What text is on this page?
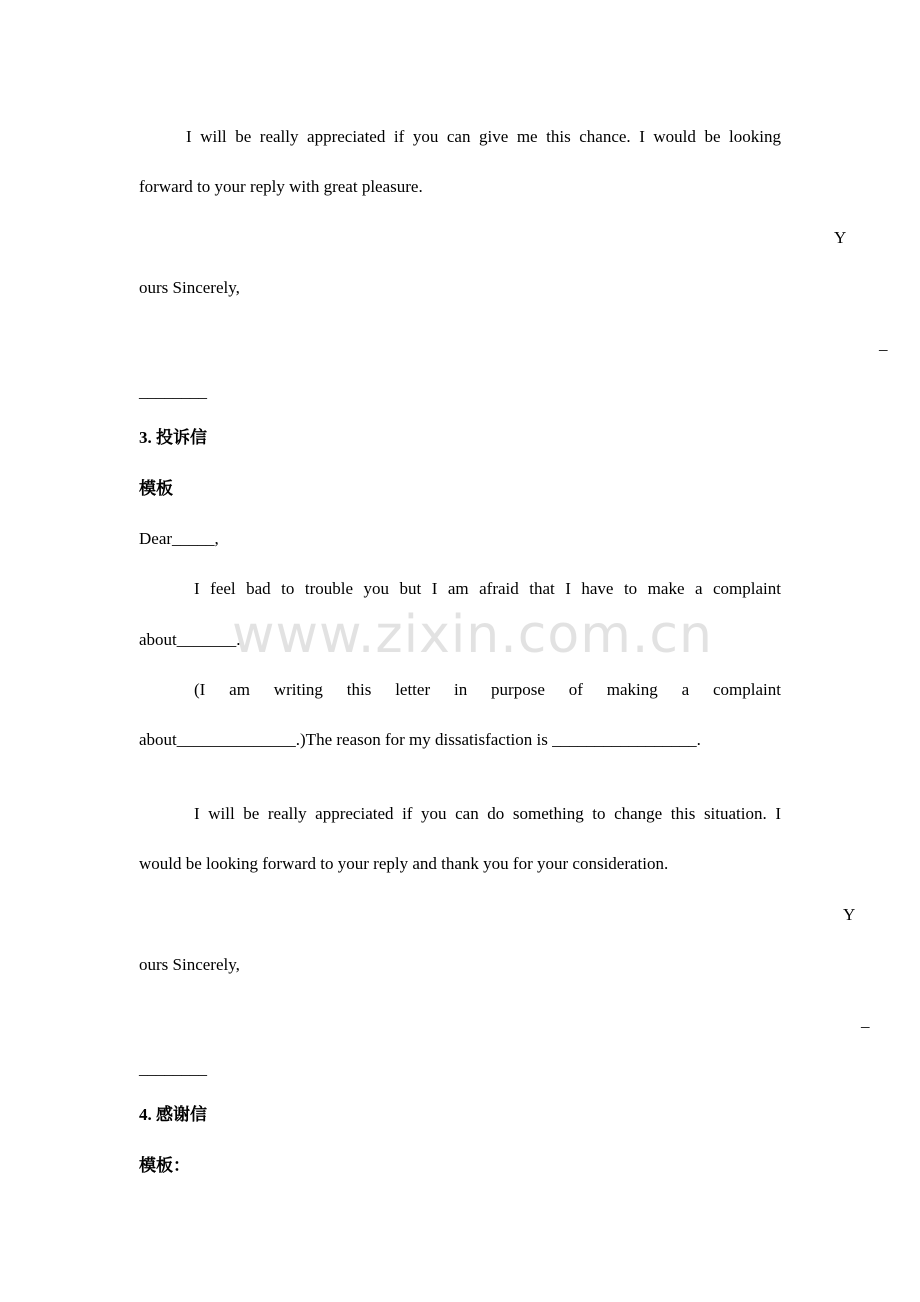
I will be really appreciated if you can give me this chance. I would be looking
forward to your reply with great pleasure.
Y
ours Sincerely,
_
________
3. 投诉信
模板
Dear_____,
I feel bad to trouble you but I am afraid that I have to make a complaint
about_______.
(I am writing this letter in purpose of making a complaint
about______________.)The reason for my dissatisfaction is _________________.
I will be really appreciated if you can do something to change this situation. I
would be looking forward to your reply and thank you for your consideration.
Y
ours Sincerely,
_
________
4. 感谢信
模板：
www.zixin.com.cn
